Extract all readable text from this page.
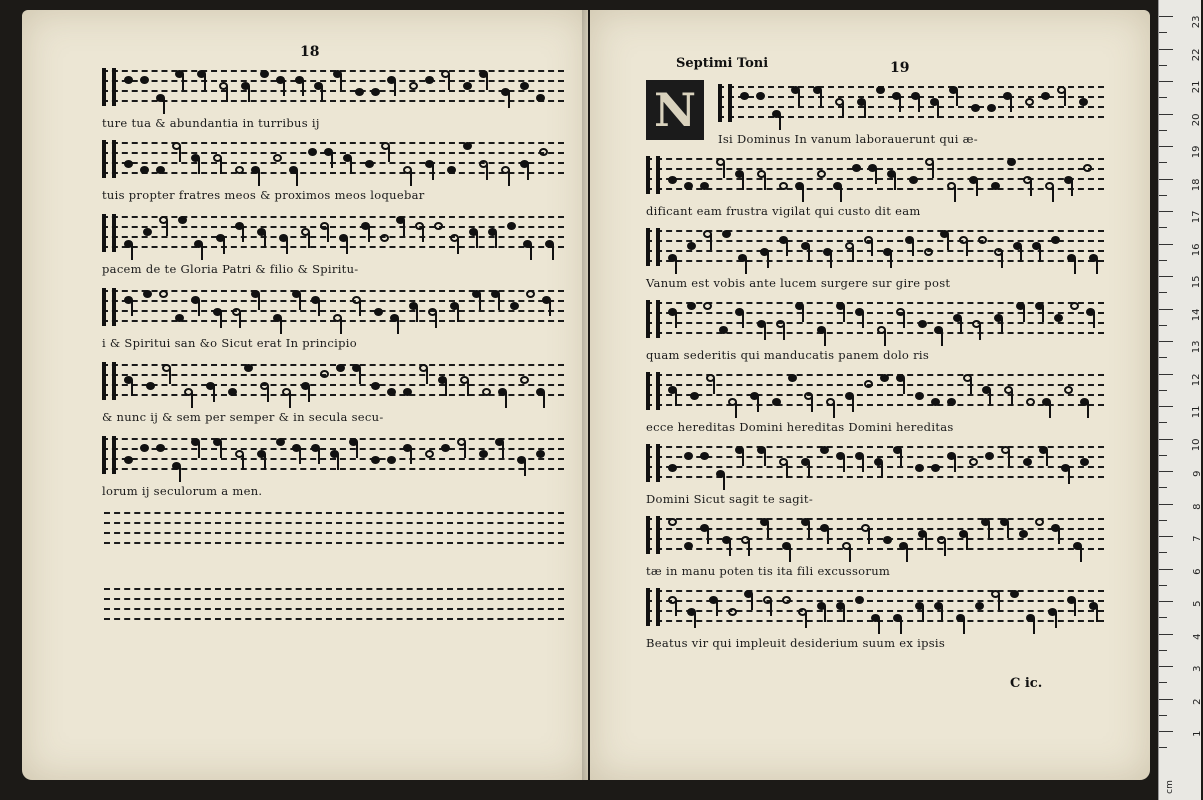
18
ture tua & abundantia in turribus ij
tuis propter fratres meos & proximos meos loquebar
pacem de te Gloria Patri & filio & Spiritu-
i & Spiritui san &o Sicut erat In principio
& nunc ij & sem per semper & in secula secu-
lorum ij seculorum a men.
Septimi Toni	19
N
Isi Dominus In vanum laborauerunt qui æ-
dificant eam frustra vigilat qui custo dit eam
Vanum est vobis ante lucem surgere sur gire post
quam sederitis qui manducatis panem dolo ris
ecce hereditas Domini hereditas Domini hereditas
Domini Sicut sagit te sagit-
tæ in manu poten tis ita fili excussorum
Beatus vir qui impleuit desiderium suum ex ipsis
C ic.
23
22
21
20
19
18
17
16
15
14
13
12
11
10
9
8
7
6
5
4
3
2
1
cm
